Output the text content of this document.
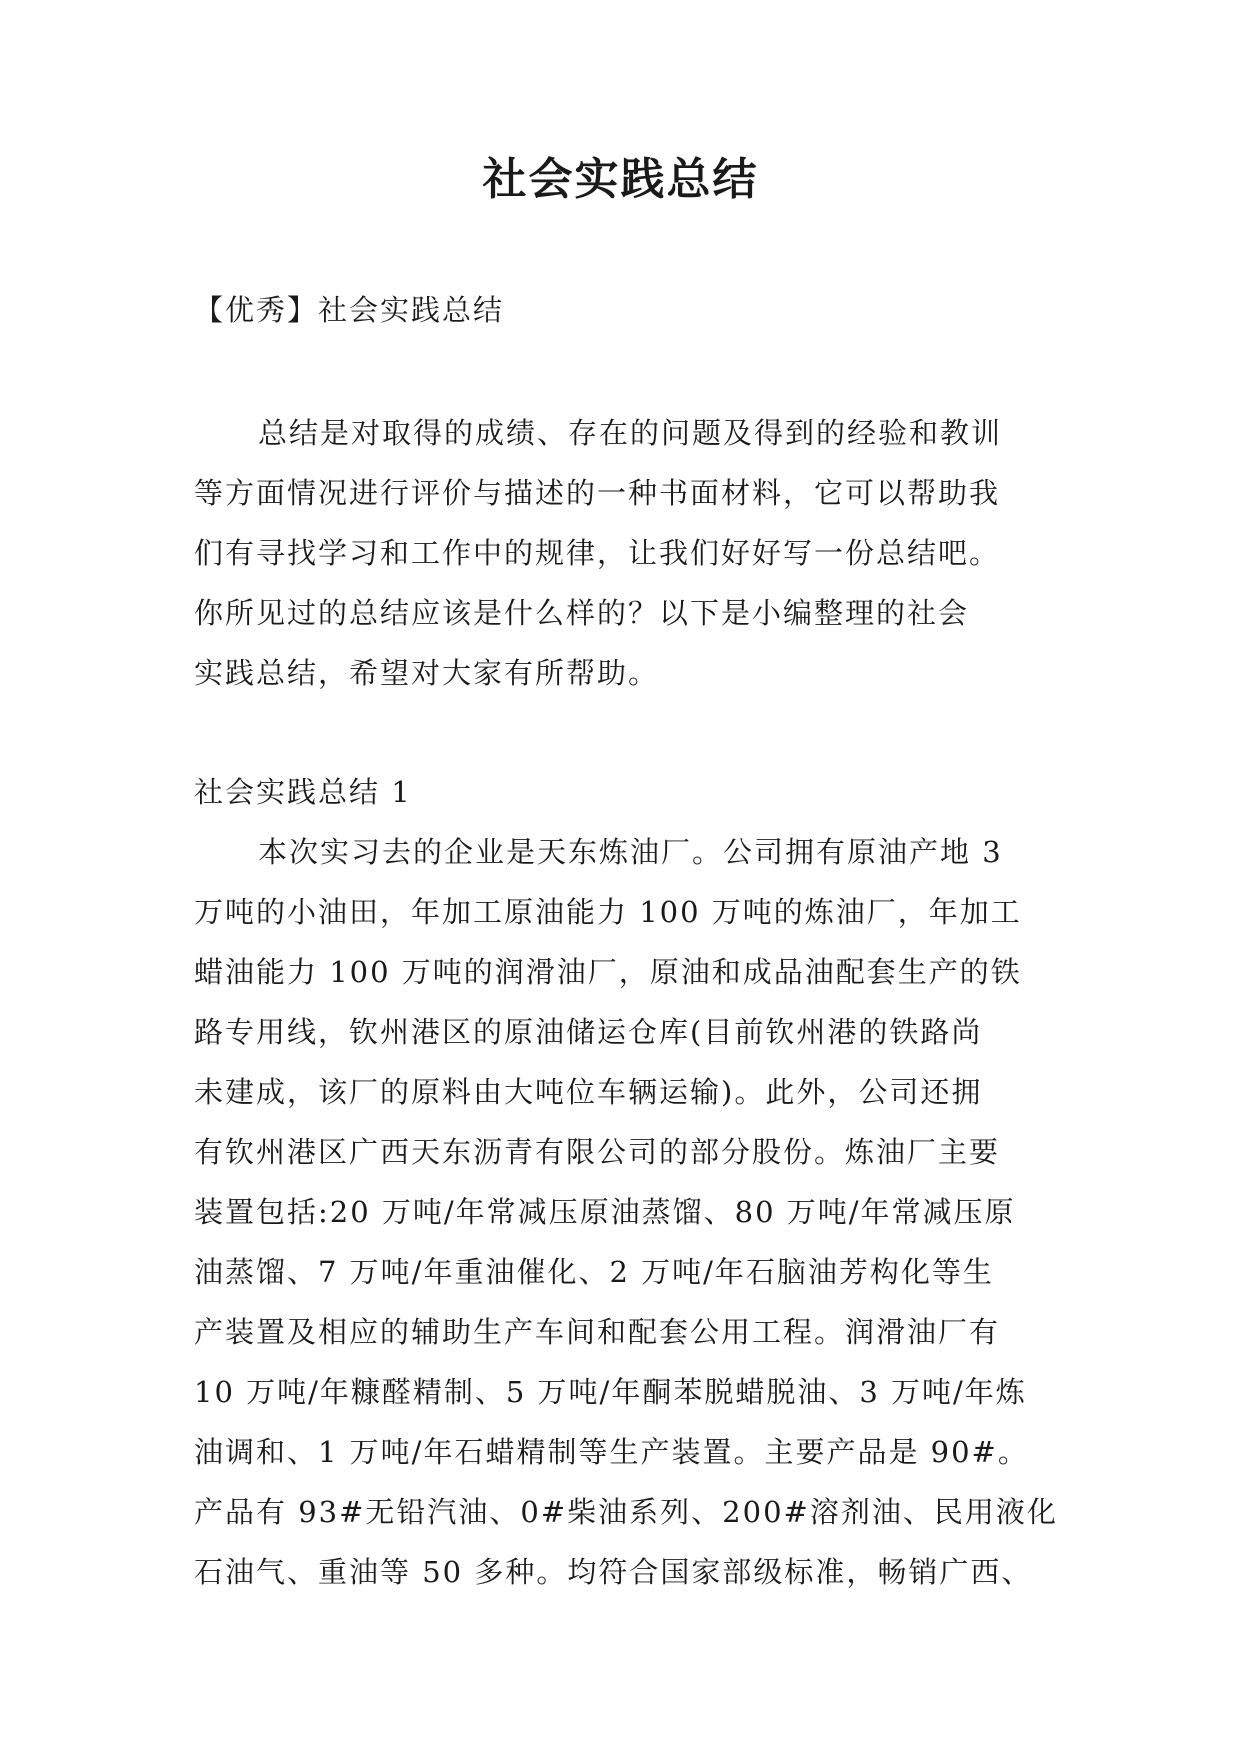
社会实践总结

【优秀】社会实践总结

总结是对取得的成绩、存在的问题及得到的经验和教训
等方面情况进行评价与描述的一种书面材料，它可以帮助我
们有寻找学习和工作中的规律，让我们好好写一份总结吧。
你所见过的总结应该是什么样的？以下是小编整理的社会
实践总结，希望对大家有所帮助。

社会实践总结 1

本次实习去的企业是天东炼油厂。公司拥有原油产地 3
万吨的小油田，年加工原油能力 100 万吨的炼油厂，年加工
蜡油能力 100 万吨的润滑油厂，原油和成品油配套生产的铁
路专用线，钦州港区的原油储运仓库(目前钦州港的铁路尚
未建成，该厂的原料由大吨位车辆运输)。此外，公司还拥
有钦州港区广西天东沥青有限公司的部分股份。炼油厂主要
装置包括:20 万吨/年常减压原油蒸馏、80 万吨/年常减压原
油蒸馏、7 万吨/年重油催化、2 万吨/年石脑油芳构化等生
产装置及相应的辅助生产车间和配套公用工程。润滑油厂有
10 万吨/年糠醛精制、5 万吨/年酮苯脱蜡脱油、3 万吨/年炼
油调和、1 万吨/年石蜡精制等生产装置。主要产品是 90#。
产品有 93#无铅汽油、0#柴油系列、200#溶剂油、民用液化
石油气、重油等 50 多种。均符合国家部级标准，畅销广西、
